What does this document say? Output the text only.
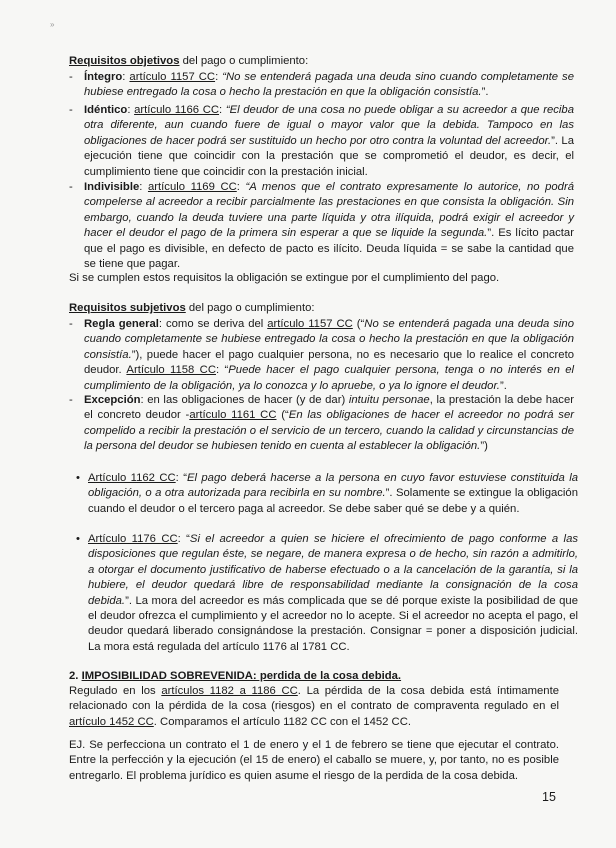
»
Requisitos objetivos del pago o cumplimiento:
- Íntegro: artículo 1157 CC: “No se entenderá pagada una deuda sino cuando completamente se hubiese entregado la cosa o hecho la prestación en que la obligación consistía.”.
- Idéntico: artículo 1166 CC: “El deudor de una cosa no puede obligar a su acreedor a que reciba otra diferente, aun cuando fuere de igual o mayor valor que la debida. Tampoco en las obligaciones de hacer podrá ser sustituido un hecho por otro contra la voluntad del acreedor.”. La ejecución tiene que coincidir con la prestación que se comprometió el deudor, es decir, el cumplimiento tiene que coincidir con la prestación inicial.
- Indivisible: artículo 1169 CC: “A menos que el contrato expresamente lo autorice, no podrá compelerse al acreedor a recibir parcialmente las prestaciones en que consista la obligación. Sin embargo, cuando la deuda tuviere una parte líquida y otra ilíquida, podrá exigir el acreedor y hacer el deudor el pago de la primera sin esperar a que se liquide la segunda.”. Es lícito pactar que el pago es divisible, en defecto de pacto es ilícito. Deuda líquida = se sabe la cantidad que se tiene que pagar.
Si se cumplen estos requisitos la obligación se extingue por el cumplimiento del pago.
Requisitos subjetivos del pago o cumplimiento:
- Regla general: como se deriva del artículo 1157 CC (“No se entenderá pagada una deuda sino cuando completamente se hubiese entregado la cosa o hecho la prestación en que la obligación consistía.”), puede hacer el pago cualquier persona, no es necesario que lo realice el concreto deudor. Artículo 1158 CC: “Puede hacer el pago cualquier persona, tenga o no interés en el cumplimiento de la obligación, ya lo conozca y lo apruebe, o ya lo ignore el deudor.”.
- Excepción: en las obligaciones de hacer (y de dar) intuitu personae, la prestación la debe hacer el concreto deudor -artículo 1161 CC (“En las obligaciones de hacer el acreedor no podrá ser compelido a recibir la prestación o el servicio de un tercero, cuando la calidad y circunstancias de la persona del deudor se hubiesen tenido en cuenta al establecer la obligación.”)
• Artículo 1162 CC: “El pago deberá hacerse a la persona en cuyo favor estuviese constituida la obligación, o a otra autorizada para recibirla en su nombre.”. Solamente se extingue la obligación cuando el deudor o el tercero paga al acreedor. Se debe saber qué se debe y a quién.
• Artículo 1176 CC: “Si el acreedor a quien se hiciere el ofrecimiento de pago conforme a las disposiciones que regulan éste, se negare, de manera expresa o de hecho, sin razón a admitirlo, a otorgar el documento justificativo de haberse efectuado o a la cancelación de la garantía, si la hubiere, el deudor quedará libre de responsabilidad mediante la consignación de la cosa debida.”. La mora del acreedor es más complicada que se dé porque existe la posibilidad de que el deudor ofrezca el cumplimiento y el acreedor no lo acepte. Si el acreedor no acepta el pago, el deudor quedará liberado consignándose la prestación. Consignar = poner a disposición judicial. La mora está regulada del artículo 1176 al 1781 CC.
2. IMPOSIBILIDAD SOBREVENIDA: perdida de la cosa debida.
Regulado en los artículos 1182 a 1186 CC. La pérdida de la cosa debida está íntimamente relacionado con la pérdida de la cosa (riesgos) en el contrato de compraventa regulado en el artículo 1452 CC. Comparamos el artículo 1182 CC con el 1452 CC.
EJ. Se perfecciona un contrato el 1 de enero y el 1 de febrero se tiene que ejecutar el contrato. Entre la perfección y la ejecución (el 15 de enero) el caballo se muere, y, por tanto, no es posible entregarlo. El problema jurídico es quien asume el riesgo de la perdida de la cosa debida.
15
